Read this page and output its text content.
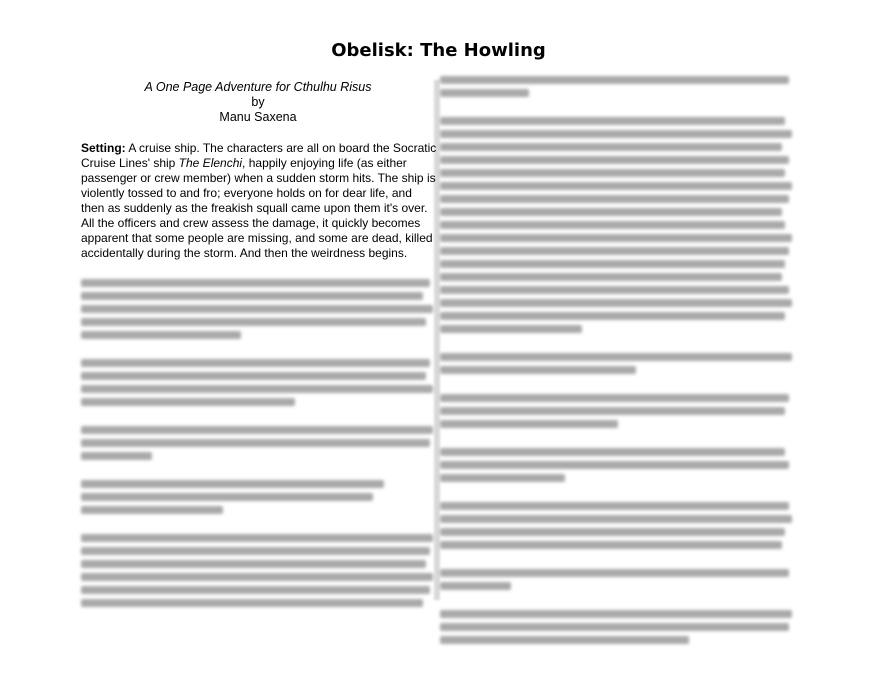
Obelisk: The Howling
A One Page Adventure for Cthulhu Risus
by
Manu Saxena
Setting: A cruise ship. The characters are all on board the Socratic Cruise Lines' ship The Elenchi, happily enjoying life (as either passenger or crew member) when a sudden storm hits. The ship is violently tossed to and fro; everyone holds on for dear life, and then as suddenly as the freakish squall came upon them it's over. All the officers and crew assess the damage, it quickly becomes apparent that some people are missing, and some are dead, killed accidentally during the storm. And then the weirdness begins.
